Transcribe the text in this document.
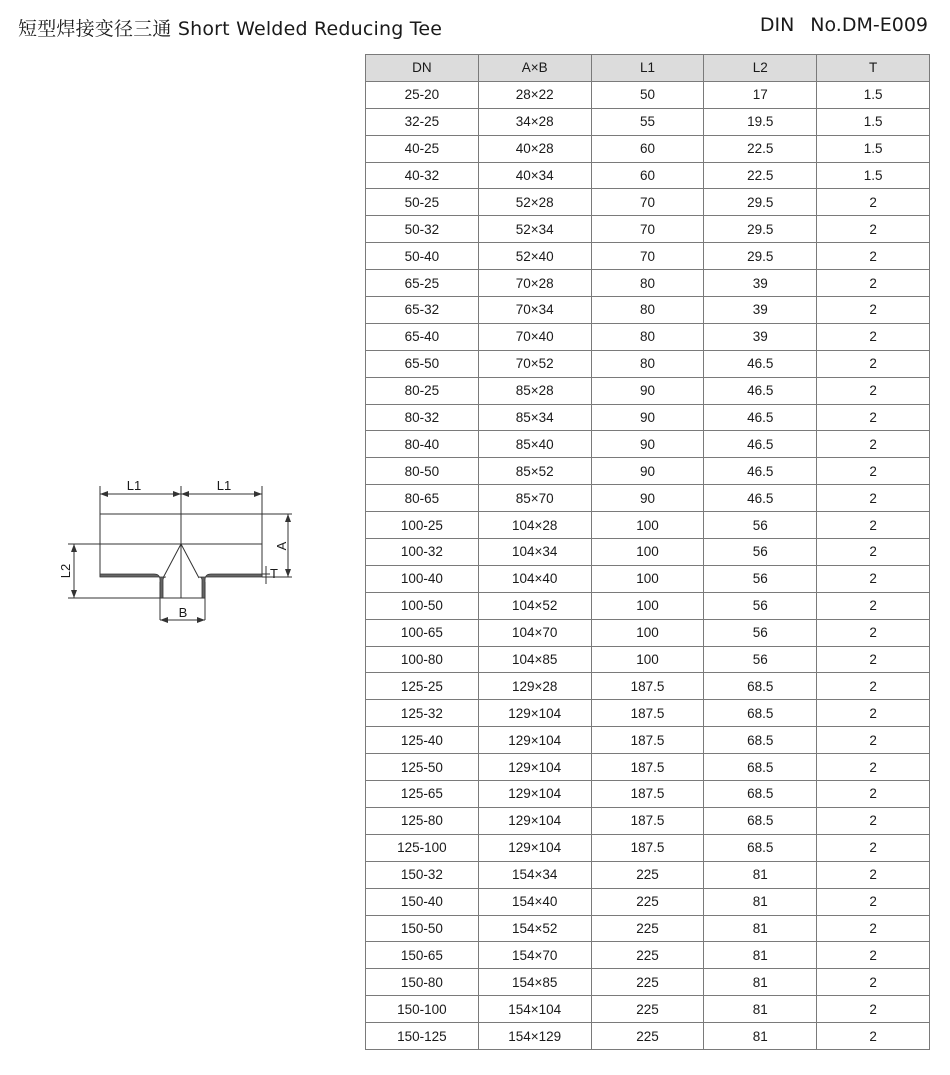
短型焊接变径三通 Short Welded Reducing Tee	DIN No.DM-E009
L1	L1
A
T
L2
B
DN	A×B	L1	L2	T
25-20	28×22	50	17	1.5
32-25	34×28	55	19.5	1.5
40-25	40×28	60	22.5	1.5
40-32	40×34	60	22.5	1.5
50-25	52×28	70	29.5	2
50-32	52×34	70	29.5	2
50-40	52×40	70	29.5	2
65-25	70×28	80	39	2
65-32	70×34	80	39	2
65-40	70×40	80	39	2
65-50	70×52	80	46.5	2
80-25	85×28	90	46.5	2
80-32	85×34	90	46.5	2
80-40	85×40	90	46.5	2
80-50	85×52	90	46.5	2
80-65	85×70	90	46.5	2
100-25	104×28	100	56	2
100-32	104×34	100	56	2
100-40	104×40	100	56	2
100-50	104×52	100	56	2
100-65	104×70	100	56	2
100-80	104×85	100	56	2
125-25	129×28	187.5	68.5	2
125-32	129×104	187.5	68.5	2
125-40	129×104	187.5	68.5	2
125-50	129×104	187.5	68.5	2
125-65	129×104	187.5	68.5	2
125-80	129×104	187.5	68.5	2
125-100	129×104	187.5	68.5	2
150-32	154×34	225	81	2
150-40	154×40	225	81	2
150-50	154×52	225	81	2
150-65	154×70	225	81	2
150-80	154×85	225	81	2
150-100	154×104	225	81	2
150-125	154×129	225	81	2
